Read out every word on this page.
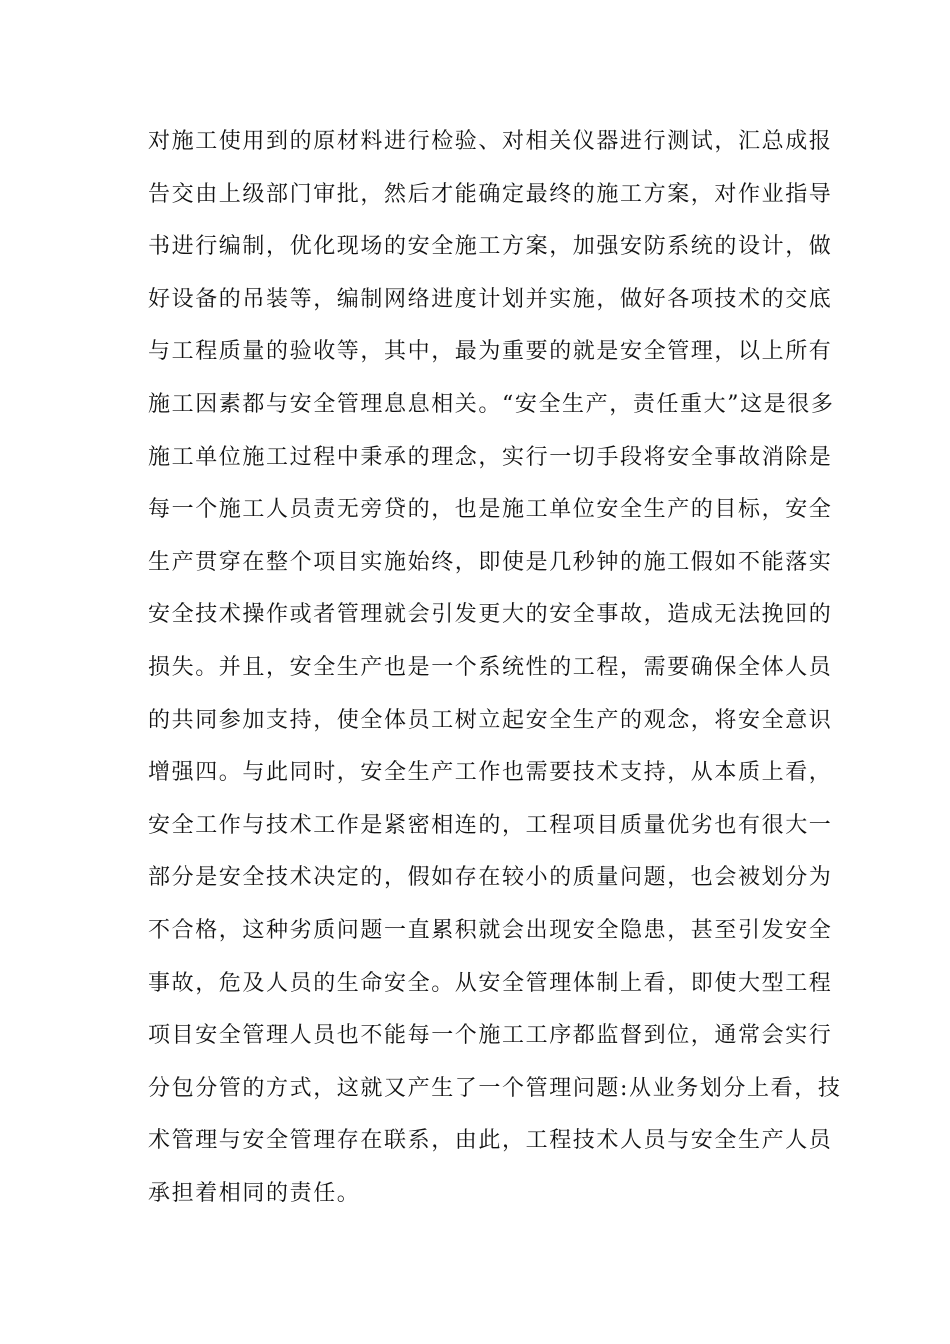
对施工使用到的原材料进行检验、对相关仪器进行测试，汇总成报
告交由上级部门审批，然后才能确定最终的施工方案，对作业指导
书进行编制，优化现场的安全施工方案，加强安防系统的设计，做
好设备的吊装等，编制网络进度计划并实施，做好各项技术的交底
与工程质量的验收等，其中，最为重要的就是安全管理，以上所有
施工因素都与安全管理息息相关。“安全生产，责任重大”这是很多
施工单位施工过程中秉承的理念，实行一切手段将安全事故消除是
每一个施工人员责无旁贷的，也是施工单位安全生产的目标，安全
生产贯穿在整个项目实施始终，即使是几秒钟的施工假如不能落实
安全技术操作或者管理就会引发更大的安全事故，造成无法挽回的
损失。并且，安全生产也是一个系统性的工程，需要确保全体人员
的共同参加支持，使全体员工树立起安全生产的观念，将安全意识
增强四。与此同时，安全生产工作也需要技术支持，从本质上看，
安全工作与技术工作是紧密相连的，工程项目质量优劣也有很大一
部分是安全技术决定的，假如存在较小的质量问题，也会被划分为
不合格，这种劣质问题一直累积就会出现安全隐患，甚至引发安全
事故，危及人员的生命安全。从安全管理体制上看，即使大型工程
项目安全管理人员也不能每一个施工工序都监督到位，通常会实行
分包分管的方式，这就又产生了一个管理问题:从业务划分上看，技
术管理与安全管理存在联系，由此，工程技术人员与安全生产人员
承担着相同的责任。
